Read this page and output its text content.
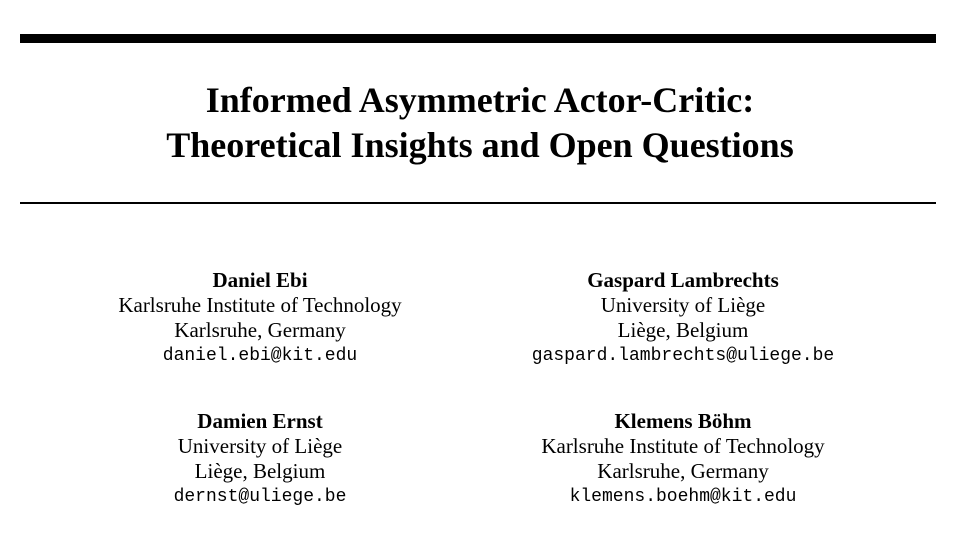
Informed Asymmetric Actor-Critic:
Theoretical Insights and Open Questions
Daniel Ebi
Karlsruhe Institute of Technology
Karlsruhe, Germany
daniel.ebi@kit.edu
Gaspard Lambrechts
University of Liège
Liège, Belgium
gaspard.lambrechts@uliege.be
Damien Ernst
University of Liège
Liège, Belgium
dernst@uliege.be
Klemens Böhm
Karlsruhe Institute of Technology
Karlsruhe, Germany
klemens.boehm@kit.edu
